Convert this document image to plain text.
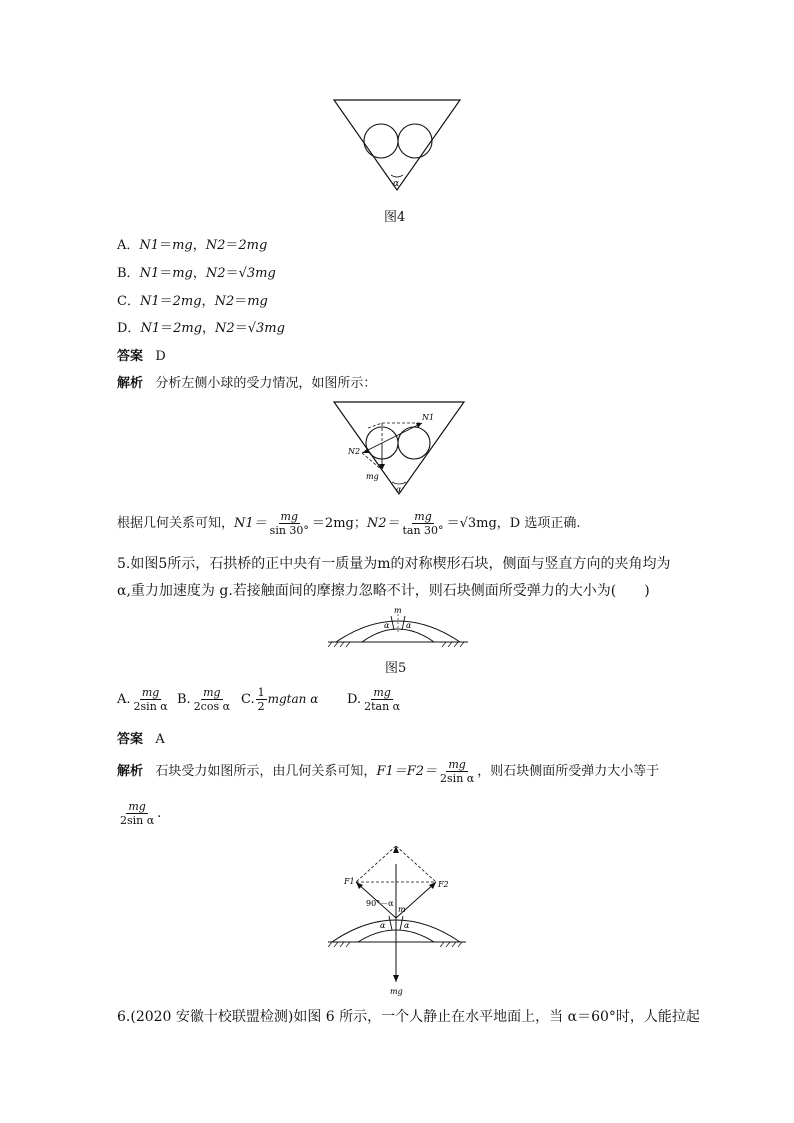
α
图4
A．N1＝mg，N2＝2mg
B．N1＝mg，N2＝√3mg
C．N1＝2mg，N2＝mg
D．N1＝2mg，N2＝√3mg
答案 D
解析 分析左侧小球的受力情况，如图所示：
N1
N2
mg
α
根据几何关系可知，$N1= \frac{mg}{\sin 30^\circ} =2mg$；$N2= \frac{mg}{\tan 30^\circ} =√3mg$，D 选项正确.
5.如图5所示，石拱桥的正中央有一质量为m的对称楔形石块，侧面与竖直方向的夹角均为
α,重力加速度为 g.若接触面间的摩擦力忽略不计，则石块侧面所受弹力的大小为(　　)
m
α α
图5
A. $\frac{mg}{\text{2sin α}} B$. $\frac{mg}{\text{2cos α}} C$. $\frac{1}{2}$ mgtan α D. $\frac{mg}{\text{2tan α}}$
答案 A
解析 石块受力如图所示，由几何关系可知，$F1=F2= \frac{mg}{\text{2sin α}}$ ，则石块侧面所受弹力大小等于
$\frac{mg}{\text{2sin α}}$ .
F1	F2
90°－α
m
α α
mg
6.(2020 安徽十校联盟检测)如图 6 所示，一个人静止在水平地面上，当 α＝60°时，人能拉起
